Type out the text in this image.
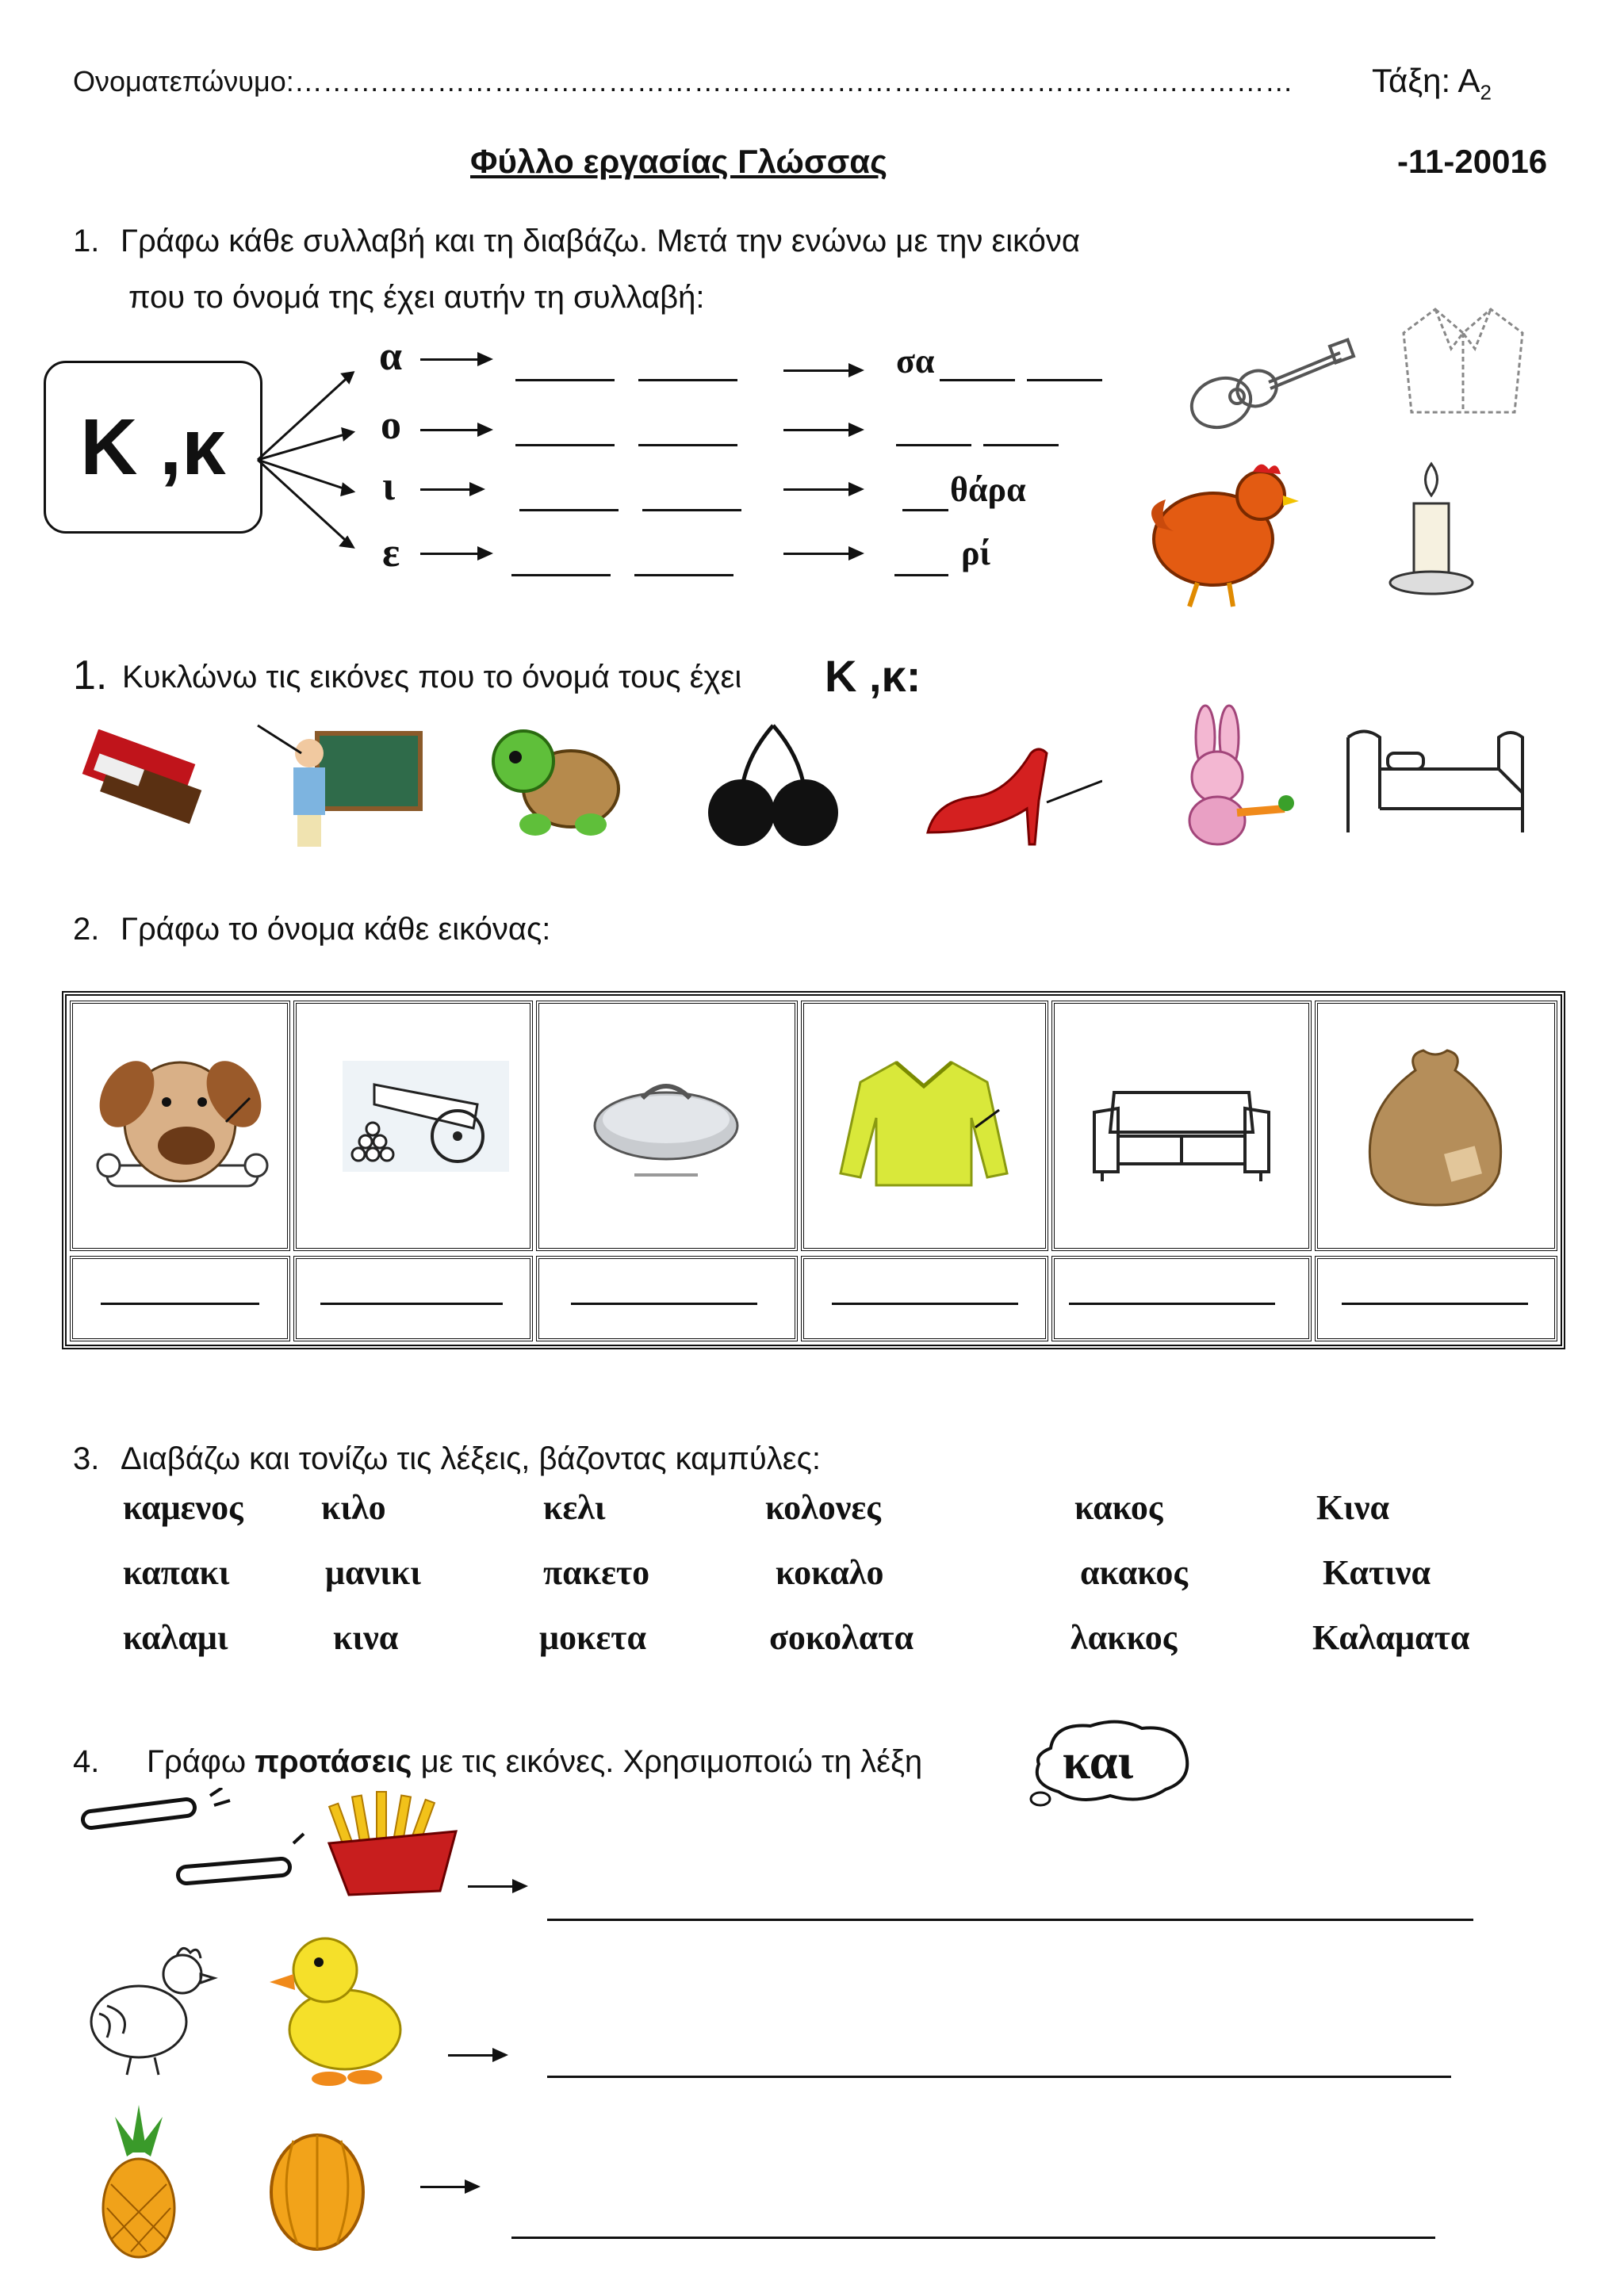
Ονοματεπώνυμο:…………………………………………………………………………………………… Τάξη: $A_2$
Φύλλο εργασίας Γλώσσας	-11-20016
1. Γράφω κάθε συλλαβή και τη διαβάζω. Μετά την ενώνω με την εικόνα
που το όνομά της έχει αυτήν τη συλλαβή:
Κ ,κ
α
ο
ι
ε
σα
θάρα
ρί
1. Κυκλώνω τις εικόνες που το όνομά τους έχει Κ ,κ:
2. Γράφω το όνομα κάθε εικόνας:
3. Διαβάζω και τονίζω τις λέξεις, βάζοντας καμπύλες:
καμενος κιλο	κελι	κολονες	κακος	Κινα
καπακι	μανικι	πακετο	κοκαλο	ακακος	Κατινα
καλαμι	κινα	μοκετα	σοκολατα	λακκος	Καλαματα
4. Γράφω προτάσεις με τις εικόνες. Χρησιμοποιώ τη λέξη	και
